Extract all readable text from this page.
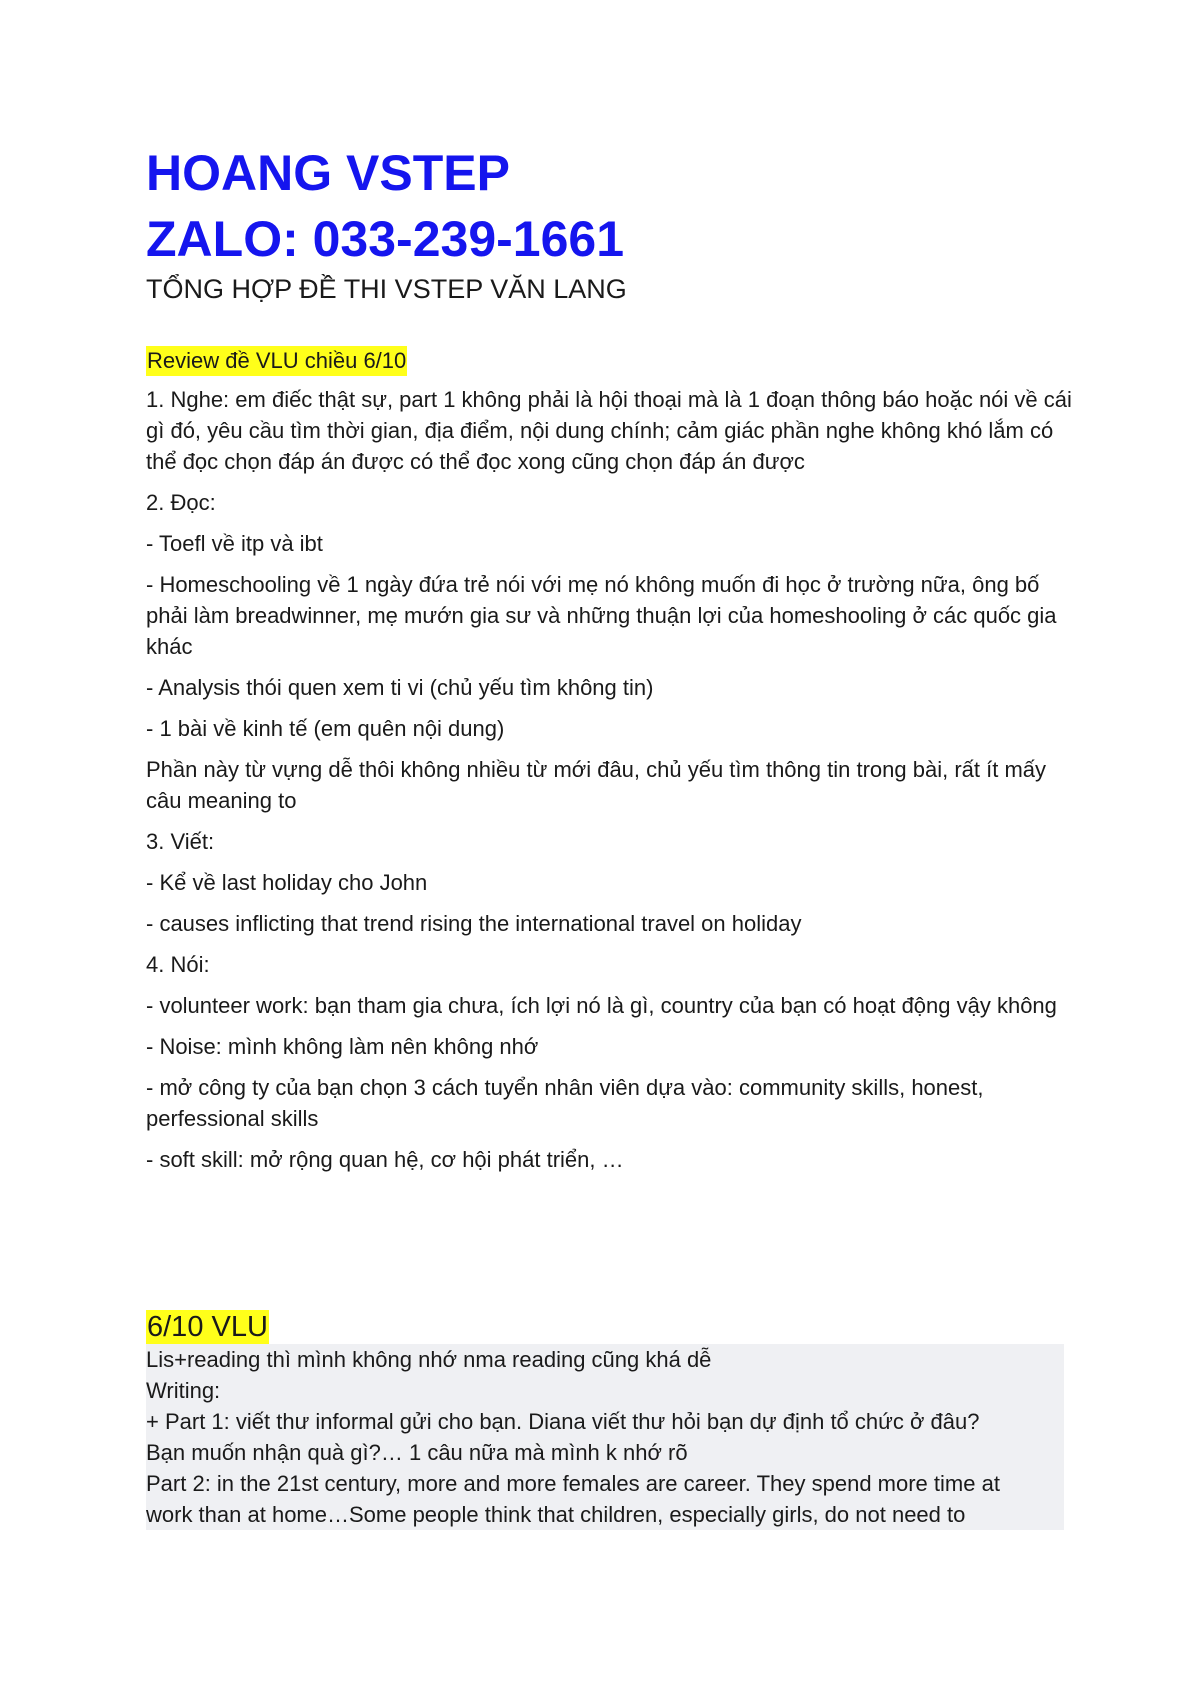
HOANG VSTEP
ZALO: 033-239-1661
TỔNG HỢP ĐỀ THI VSTEP VĂN LANG
Review đề VLU chiều 6/10

1. Nghe: em điếc thật sự, part 1 không phải là hội thoại mà là 1 đoạn thông báo hoặc nói về cái gì đó, yêu cầu tìm thời gian, địa điểm, nội dung chính; cảm giác phần nghe không khó lắm có thể đọc chọn đáp án được có thể đọc xong cũng chọn đáp án được

2. Đọc:

- Toefl về itp và ibt

- Homeschooling về 1 ngày đứa trẻ nói với mẹ nó không muốn đi học ở trường nữa, ông bố phải làm breadwinner, mẹ mướn gia sư và những thuận lợi của homeshooling ở các quốc gia khác

- Analysis thói quen xem ti vi (chủ yếu tìm không tin)

- 1 bài về kinh tế (em quên nội dung)

Phần này từ vựng dễ thôi không nhiều từ mới đâu, chủ yếu tìm thông tin trong bài, rất ít mấy câu meaning to

3. Viết:

- Kể về last holiday cho John

- causes inflicting that trend rising the international travel on holiday

4. Nói:

- volunteer work: bạn tham gia chưa, ích lợi nó là gì, country của bạn có hoạt động vậy không

- Noise: mình không làm nên không nhớ

- mở công ty của bạn chọn 3 cách tuyển nhân viên dựa vào: community skills, honest, perfessional skills

- soft skill: mở rộng quan hệ, cơ hội phát triển, …

6/10 VLU
Lis+reading thì mình không nhớ nma reading cũng khá dễ
Writing:
+ Part 1: viết thư informal gửi cho bạn. Diana viết thư hỏi bạn dự định tổ chức ở đâu?
Bạn muốn nhận quà gì?… 1 câu nữa mà mình k nhớ rõ
Part 2: in the 21st century, more and more females are career. They spend more time at
work than at home…Some people think that children, especially girls, do not need to
